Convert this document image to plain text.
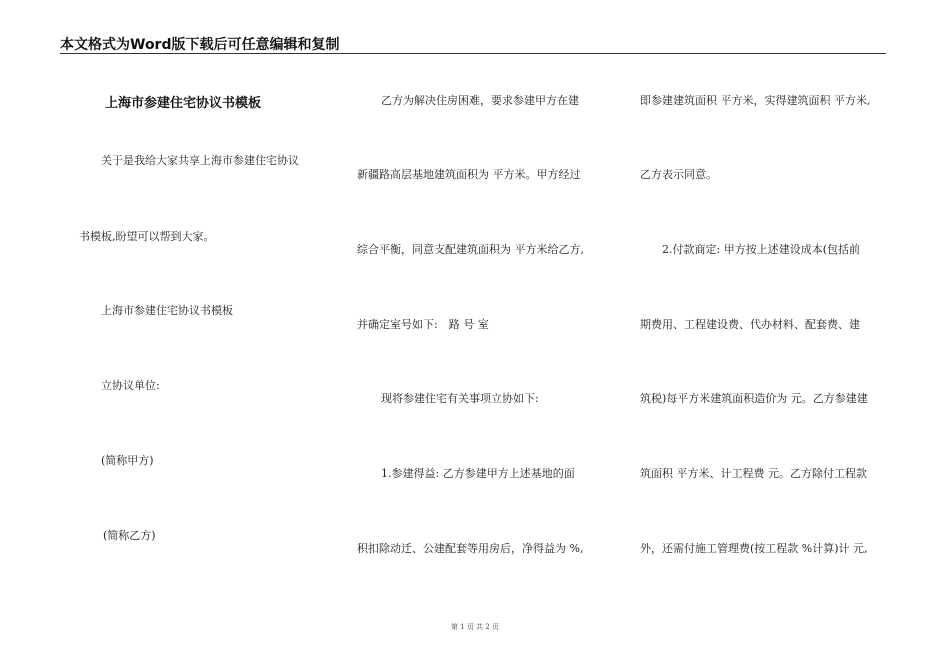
本文格式为Word版下载后可任意编辑和复制
上海市参建住宅协议书模板
关于是我给大家共享上海市参建住宅协议
书模板,盼望可以帮到大家。
上海市参建住宅协议书模板
立协议单位:
(简称甲方)
(简称乙方)
乙方为解决住房困难，要求参建甲方在建
新疆路高层基地建筑面积为 平方米。甲方经过
综合平衡，同意支配建筑面积为 平方米给乙方,
并确定室号如下:　路 号 室
现将参建住宅有关事项立协如下:
1.参建得益: 乙方参建甲方上述基地的面
积扣除动迁、公建配套等用房后，净得益为 %,
即参建建筑面积 平方米，实得建筑面积 平方米,
乙方表示同意。
2.付款商定: 甲方按上述建设成本(包括前
期费用、工程建设费、代办材料、配套费、建
筑税)每平方米建筑面积造价为 元。乙方参建建
筑面积 平方米、计工程费 元。乙方除付工程款
外，还需付施工管理费(按工程款 %计算)计 元,
第 1 页 共 2 页
